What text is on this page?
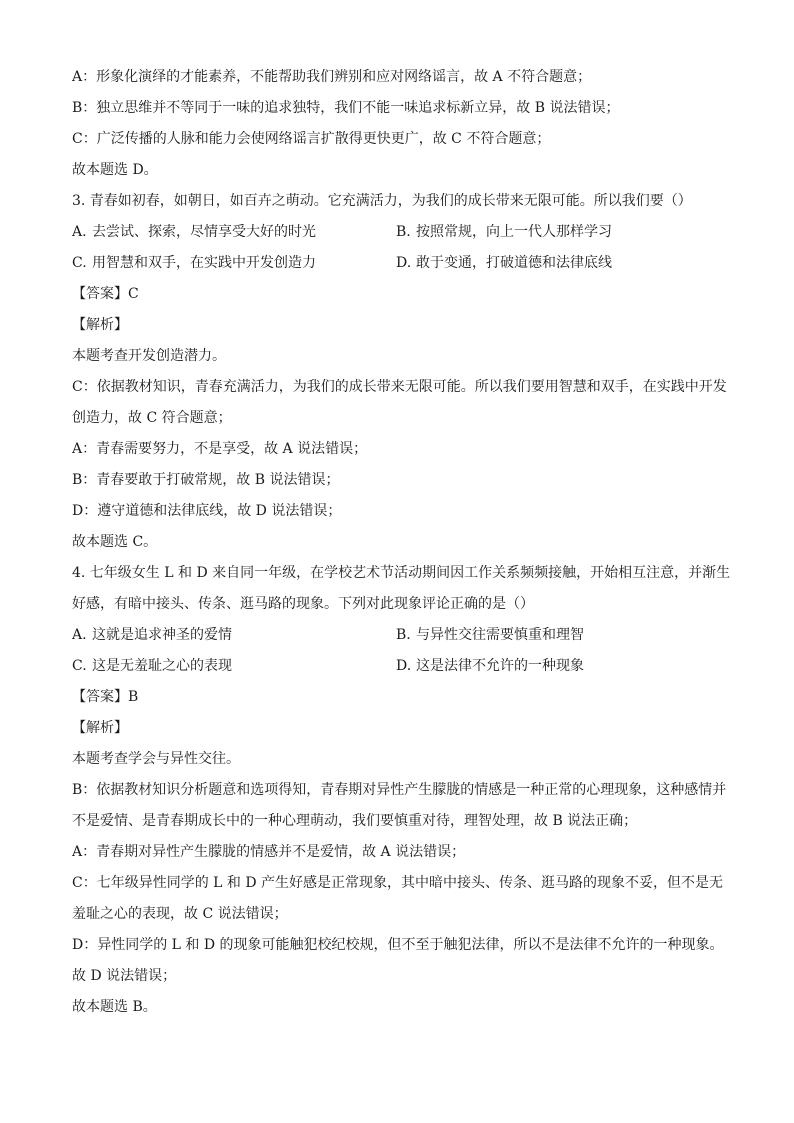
A：形象化演绎的才能素养，不能帮助我们辨别和应对网络谣言，故 A 不符合题意；
B：独立思维并不等同于一味的追求独特，我们不能一味追求标新立异，故 B 说法错误；
C：广泛传播的人脉和能力会使网络谣言扩散得更快更广，故 C 不符合题意；
故本题选 D。
3. 青春如初春，如朝日，如百卉之萌动。它充满活力，为我们的成长带来无限可能。所以我们要（）
A. 去尝试、探索，尽情享受大好的时光	B. 按照常规，向上一代人那样学习
C. 用智慧和双手，在实践中开发创造力	D. 敢于变通，打破道德和法律底线
【答案】C
【解析】
本题考查开发创造潜力。
C：依据教材知识，青春充满活力，为我们的成长带来无限可能。所以我们要用智慧和双手，在实践中开发
创造力，故 C 符合题意；
A：青春需要努力，不是享受，故 A 说法错误；
B：青春要敢于打破常规，故 B 说法错误；
D：遵守道德和法律底线，故 D 说法错误；
故本题选 C。
4. 七年级女生 L 和 D 来自同一年级，在学校艺术节活动期间因工作关系频频接触，开始相互注意，并渐生
好感，有暗中接头、传条、逛马路的现象。下列对此现象评论正确的是（）
A. 这就是追求神圣的爱情	B. 与异性交往需要慎重和理智
C. 这是无羞耻之心的表现	D. 这是法律不允许的一种现象
【答案】B
【解析】
本题考查学会与异性交往。
B：依据教材知识分析题意和选项得知，青春期对异性产生朦胧的情感是一种正常的心理现象，这种感情并
不是爱情、是青春期成长中的一种心理萌动，我们要慎重对待，理智处理，故 B 说法正确；
A：青春期对异性产生朦胧的情感并不是爱情，故 A 说法错误；
C：七年级异性同学的 L 和 D 产生好感是正常现象，其中暗中接头、传条、逛马路的现象不妥，但不是无
羞耻之心的表现，故 C 说法错误；
D：异性同学的 L 和 D 的现象可能触犯校纪校规，但不至于触犯法律，所以不是法律不允许的一种现象。
故 D 说法错误；
故本题选 B。
